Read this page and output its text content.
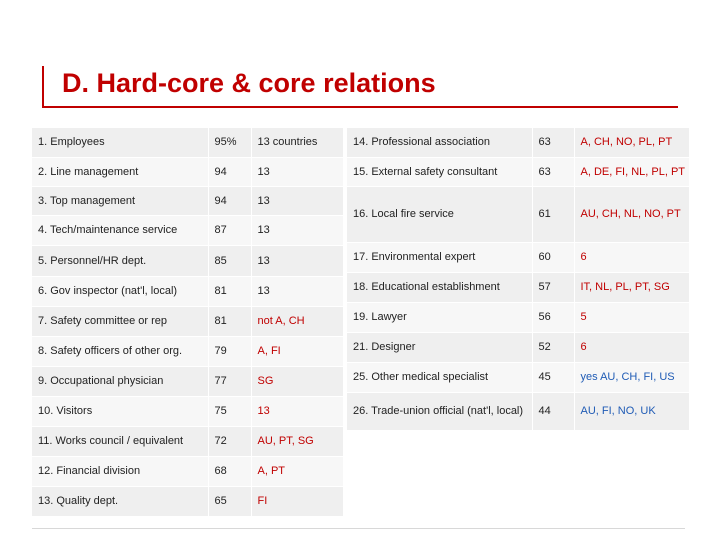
D. Hard-core & core relations
1. Employees	95%	13 countries
2. Line management	94	13
3. Top management	94	13
4. Tech/maintenance service	87	13
5. Personnel/HR dept.	85	13
6. Gov inspector (nat'l, local)	81	13
7. Safety committee or rep	81	not A, CH
8. Safety officers of other org.	79	A, FI
9. Occupational physician	77	SG
10. Visitors	75	13
11. Works council / equivalent	72	AU, PT, SG
12. Financial division	68	A, PT
13. Quality dept.	65	FI
14. Professional association	63	A, CH, NO, PL, PT
15. External safety consultant	63	A, DE, FI, NL, PL, PT
16. Local fire service	61	AU, CH, NL, NO, PT
17. Environmental expert	60	6
18. Educational establishment	57	IT, NL, PL, PT, SG
19. Lawyer	56	5
21. Designer	52	6
25. Other medical specialist	45	yes AU, CH, FI, US
26. Trade-union official (nat'l, local)	44	AU, FI, NO, UK
